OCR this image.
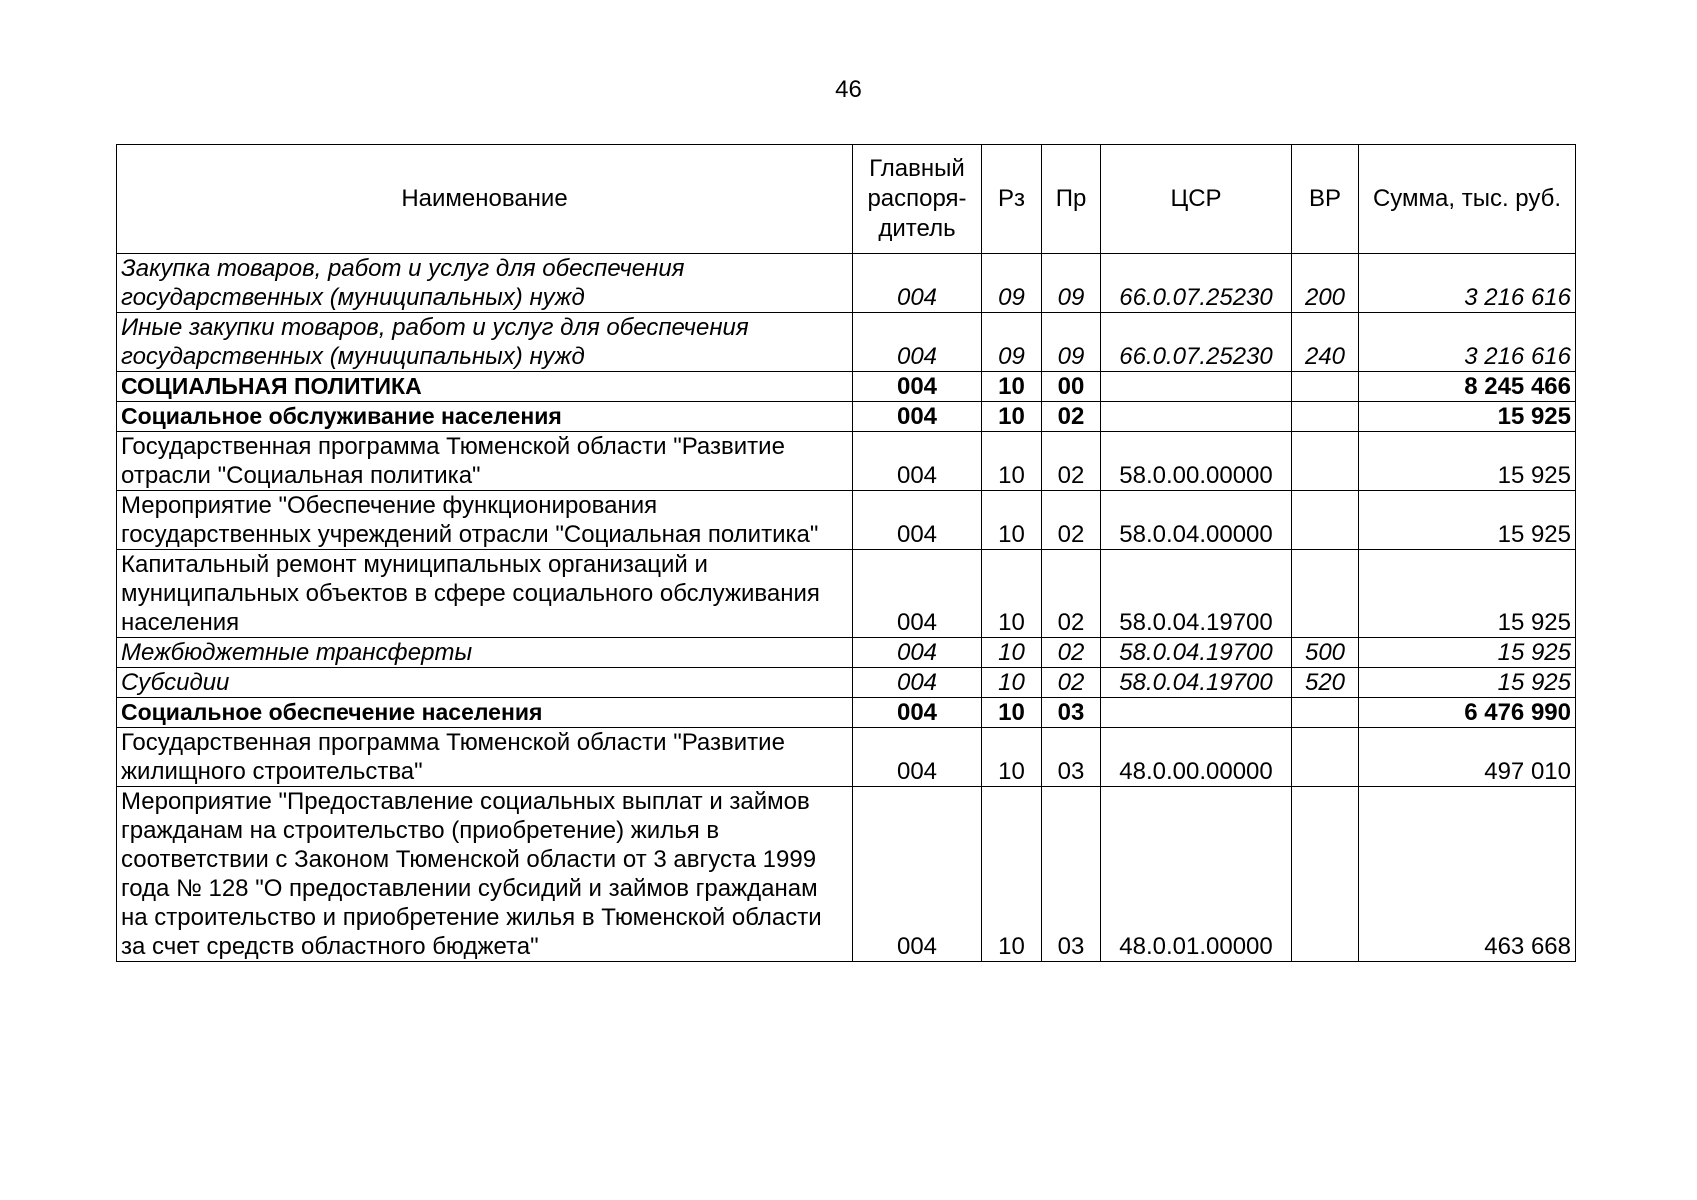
46
Наименование	Главный распоря-дитель	Рз	Пр	ЦСР	ВР	Сумма, тыс. руб.
Закупка товаров, работ и услуг для обеспечения государственных (муниципальных) нужд	004	09	09	66.0.07.25230	200	3 216 616
Иные закупки товаров, работ и услуг для обеспечения государственных (муниципальных) нужд	004	09	09	66.0.07.25230	240	3 216 616
СОЦИАЛЬНАЯ ПОЛИТИКА	004	10	00			8 245 466
Социальное обслуживание населения	004	10	02			15 925
Государственная программа Тюменской области "Развитие отрасли "Социальная политика"	004	10	02	58.0.00.00000		15 925
Мероприятие "Обеспечение функционирования государственных учреждений отрасли "Социальная политика"	004	10	02	58.0.04.00000		15 925
Капитальный ремонт муниципальных организаций и муниципальных объектов в сфере социального обслуживания населения	004	10	02	58.0.04.19700		15 925
Межбюджетные трансферты	004	10	02	58.0.04.19700	500	15 925
Субсидии	004	10	02	58.0.04.19700	520	15 925
Социальное обеспечение населения	004	10	03			6 476 990
Государственная программа Тюменской области "Развитие жилищного строительства"	004	10	03	48.0.00.00000		497 010
Мероприятие "Предоставление социальных выплат и займов гражданам на строительство (приобретение) жилья в соответствии с Законом Тюменской области от 3 августа 1999 года № 128 "О предоставлении субсидий и займов гражданам на строительство и приобретение жилья в Тюменской области за счет средств областного бюджета"	004	10	03	48.0.01.00000		463 668
